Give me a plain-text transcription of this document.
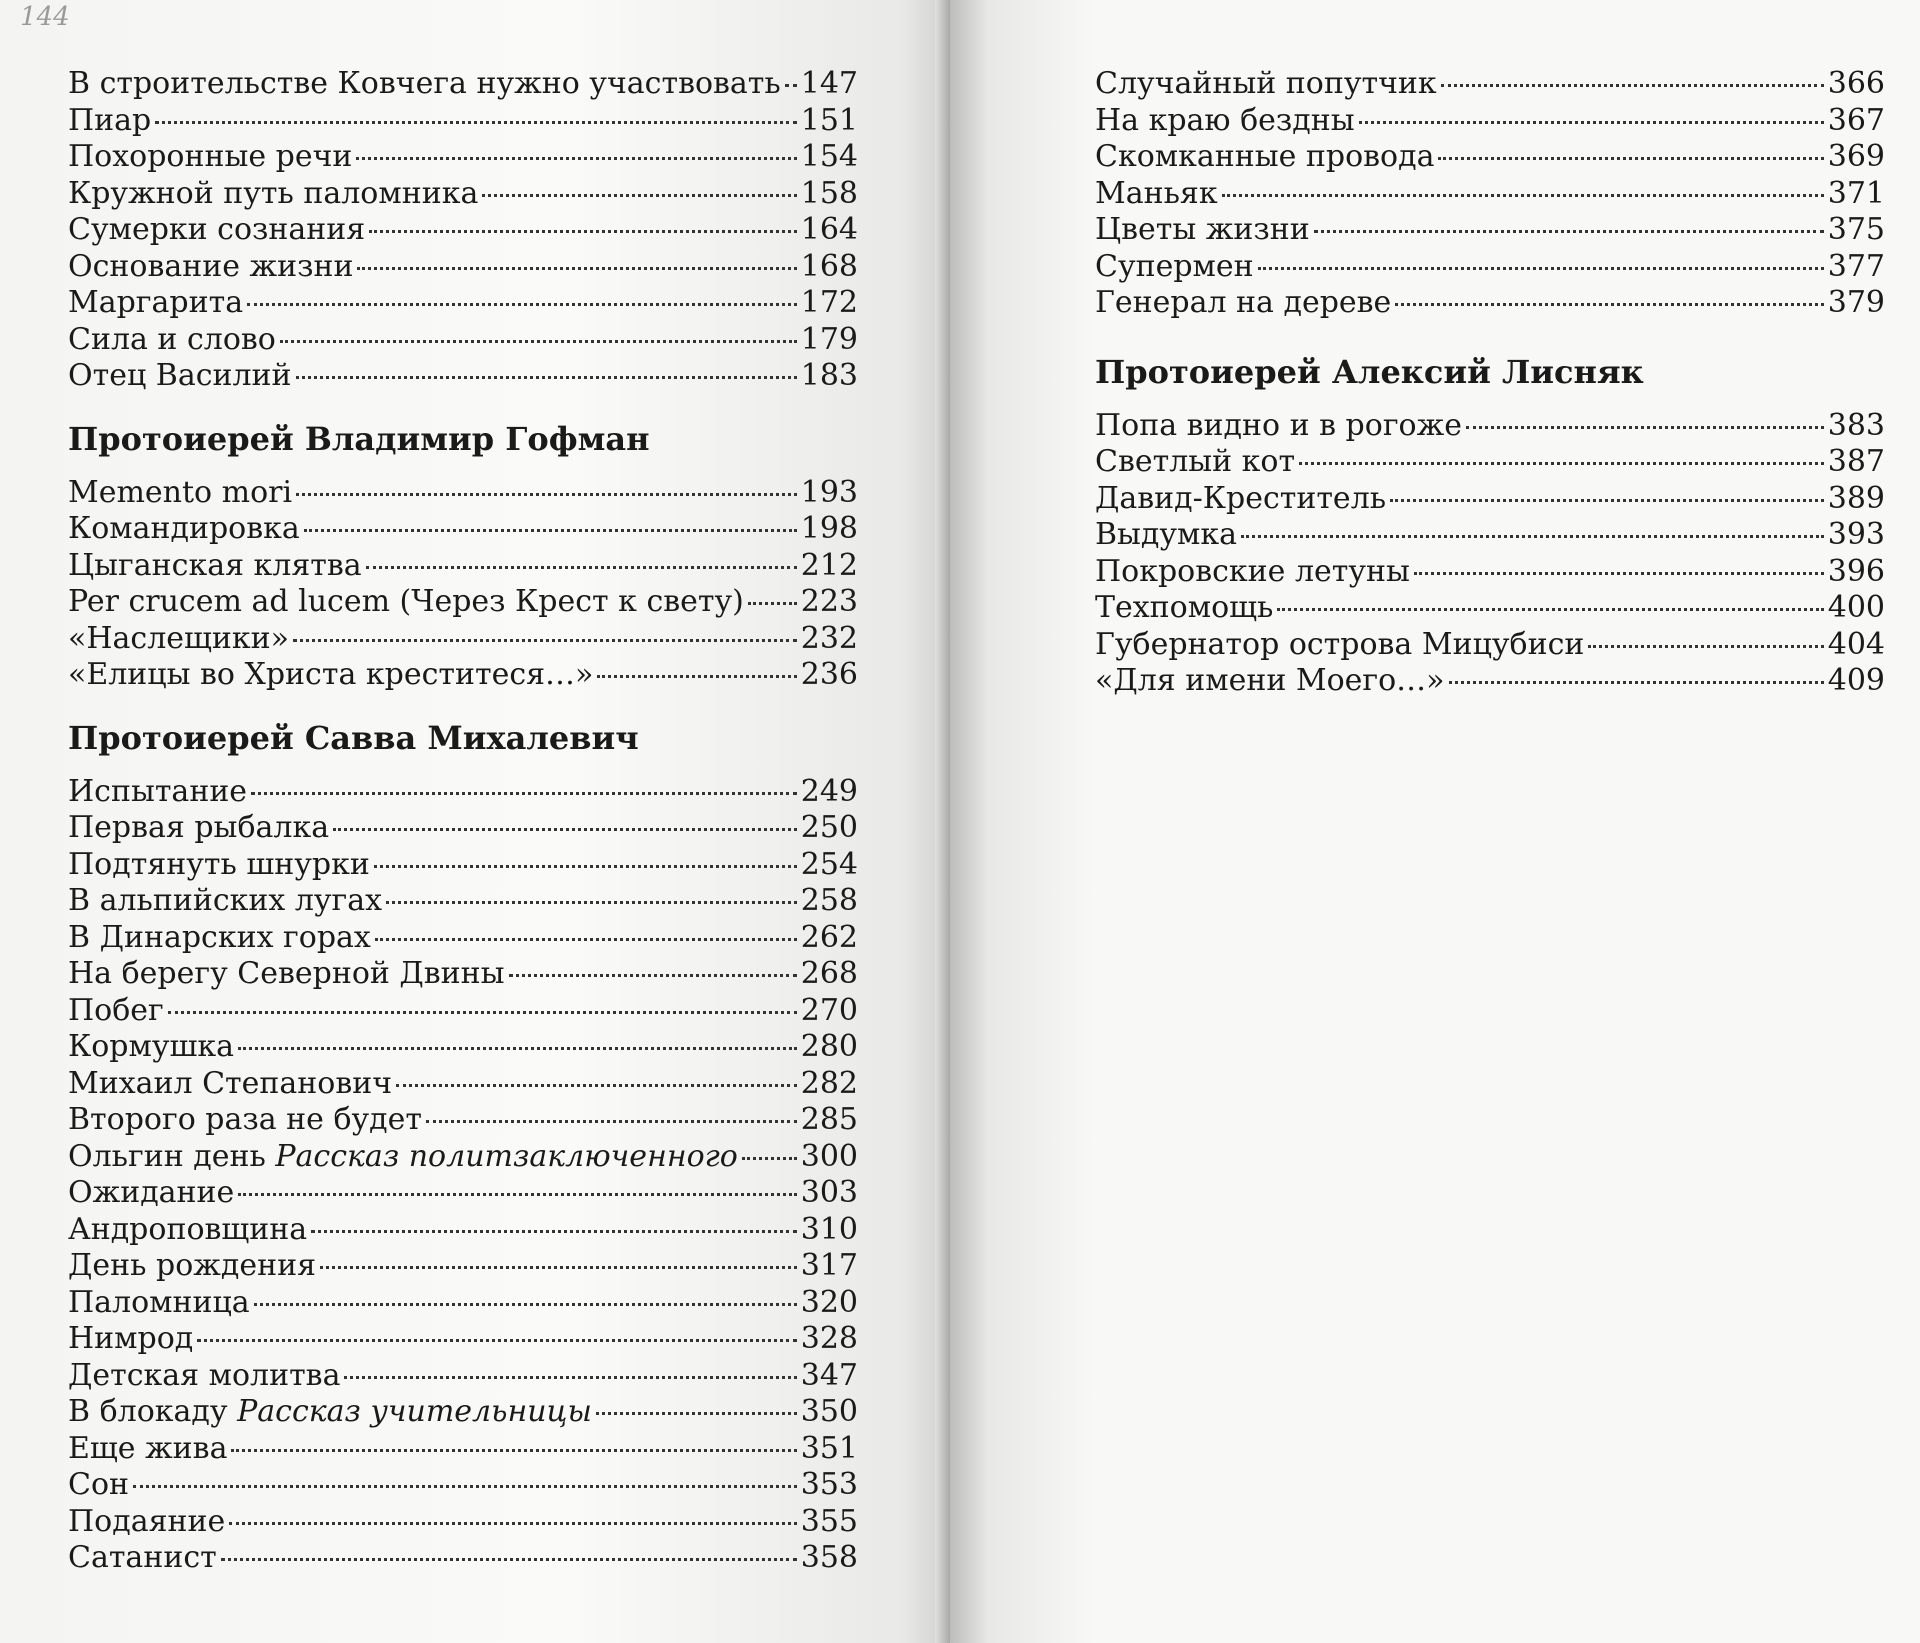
144
В строительстве Ковчега нужно участвовать 147
Пиар	151
Похоронные речи	154
Кружной путь паломника	158
Сумерки сознания	164
Основание жизни	168
Маргарита	172
Сила и слово	179
Отец Василий	183
Протоиерей Владимир Гофман
Memento mori	193
Командировка	198
Цыганская клятва	212
Per crucem ad lucem (Через Крест к свету) 223
«Наслещики»	232
«Елицы во Христа креститеся…»	236
Протоиерей Савва Михалевич
Испытание	249
Первая рыбалка	250
Подтянуть шнурки	254
В альпийских лугах	258
В Динарских горах	262
На берегу Северной Двины	268
Побег	270
Кормушка	280
Михаил Степанович	282
Второго раза не будет	285
Ольгин день Рассказ политзаключенного 300
Ожидание	303
Андроповщина	310
День рождения	317
Паломница	320
Нимрод	328
Детская молитва	347
В блокаду Рассказ учительницы	350
Еще жива	351
Сон	353
Подаяние	355
Сатанист	358
Случайный попутчик	366
На краю бездны	367
Скомканные провода	369
Маньяк	371
Цветы жизни	375
Супермен	377
Генерал на дереве	379
Протоиерей Алексий Лисняк
Попа видно и в рогоже	383
Светлый кот	387
Давид-Креститель	389
Выдумка	393
Покровские летуны	396
Техпомощь	400
Губернатор острова Мицубиси	404
«Для имени Моего…»	409
